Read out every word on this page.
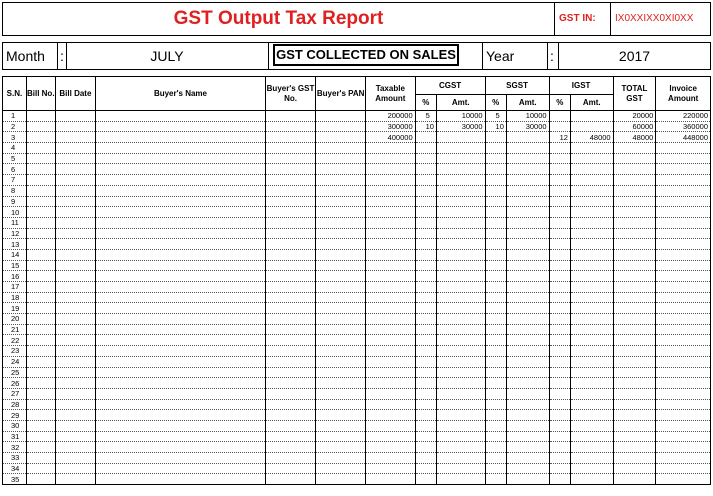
GST Output Tax Report	GST IN:	IX0XXIXX0XI0XX
Month	:	JULY	GST COLLECTED ON SALES Year	:	2017
S.N.	Bill No.	Bill Date	Buyer's Name	Buyer's GST No.	Buyer's PAN	Taxable Amount	CGST		SGST		IGST		TOTAL GST	Invoice Amount
							%	Amt.	%	Amt.	%	Amt.		
1						200000	5	10000	5	10000			20000	220000
2						300000	10	30000	10	30000			60000	360000
3						400000					12	48000	48000	448000
4														
5														
6														
7														
8														
9														
10														
11														
12														
13														
14														
15														
16														
17														
18														
19														
20														
21														
22														
23														
24														
25														
26														
27														
28														
29														
30														
31														
32														
33														
34														
35														
